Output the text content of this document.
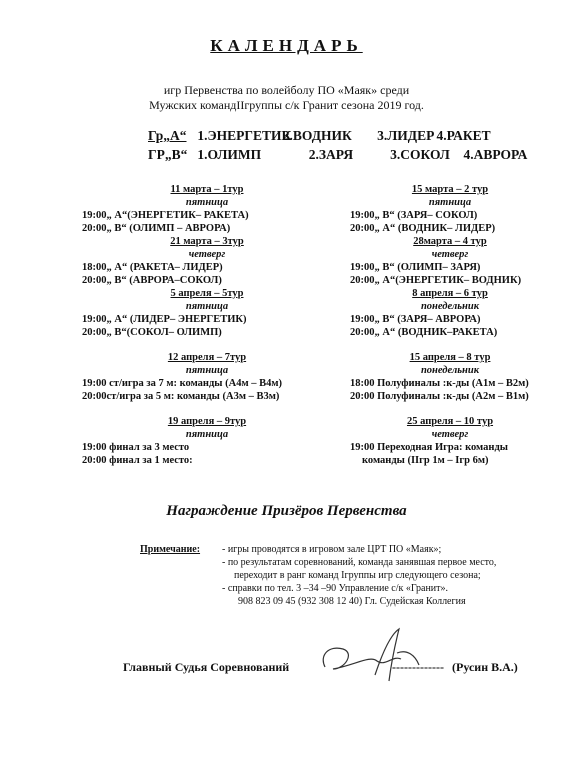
КАЛЕНДАРЬ
игр Первенства по волейболу ПО «Маяк» среди
Мужских командIIгруппы с/к Гранит сезона 2019 год.
Гр„А“ 1.ЭНЕРГЕТИК 2.ВОДНИК 3.ЛИДЕР 4.РАКЕТ
ГР„В“ 1.ОЛИМП	2.ЗАРЯ	3.СОКОЛ 4.АВРОРА
11 марта – 1тур
пятница
19:00„ А“(ЭНЕРГЕТИК– РАКЕТА)
20:00„ В“ (ОЛИМП – АВРОРА)
21 марта – 3тур
четверг
18:00„ А“ (РАКЕТА– ЛИДЕР)
20:00„ В“ (АВРОРА–СОКОЛ)
5 апреля – 5тур
пятница
19:00„ А“ (ЛИДЕР– ЭНЕРГЕТИК)
20:00„ В“(СОКОЛ– ОЛИМП)
12 апреля – 7тур
пятница
19:00 ст/игра за 7 м: команды (А4м – В4м)
20:00ст/игра за 5 м: команды (А3м – В3м)
19 апреля – 9тур
пятница
19:00 финал за 3 место
20:00 финал за 1 место:
15 марта – 2 тур
пятница
19:00„ В“ (ЗАРЯ– СОКОЛ)
20:00„ А“ (ВОДНИК– ЛИДЕР)
28марта – 4 тур
четверг
19:00„ В“ (ОЛИМП– ЗАРЯ)
20:00„ А“(ЭНЕРГЕТИК– ВОДНИК)
8 апреля – 6 тур
понедельник
19:00„ В“ (ЗАРЯ– АВРОРА)
20:00„ А“ (ВОДНИК–РАКЕТА)
15 апреля – 8 тур
понедельник
18:00 Полуфиналы :к-ды (А1м – В2м)
20:00 Полуфиналы :к-ды (А2м – В1м)
25 апреля – 10 тур
четверг
19:00 Переходная Игра: команды
команды (IIгр 1м – Iгр 6м)
Награждение Призёров Первенства
Примечание: - игры проводятся в игровом зале ЦРТ ПО «Маяк»;
- по результатам соревнований, команда занявшая первое место,
переходит в ранг команд Iгруппы игр следующего сезона;
- справки по тел. 3 –34 –90 Управление с/к «Гранит».
908 823 09 45 (932 308 12 40) Гл. Судейская Коллегия
Главный Судья Соревнований	------------- (Русин В.А.)
